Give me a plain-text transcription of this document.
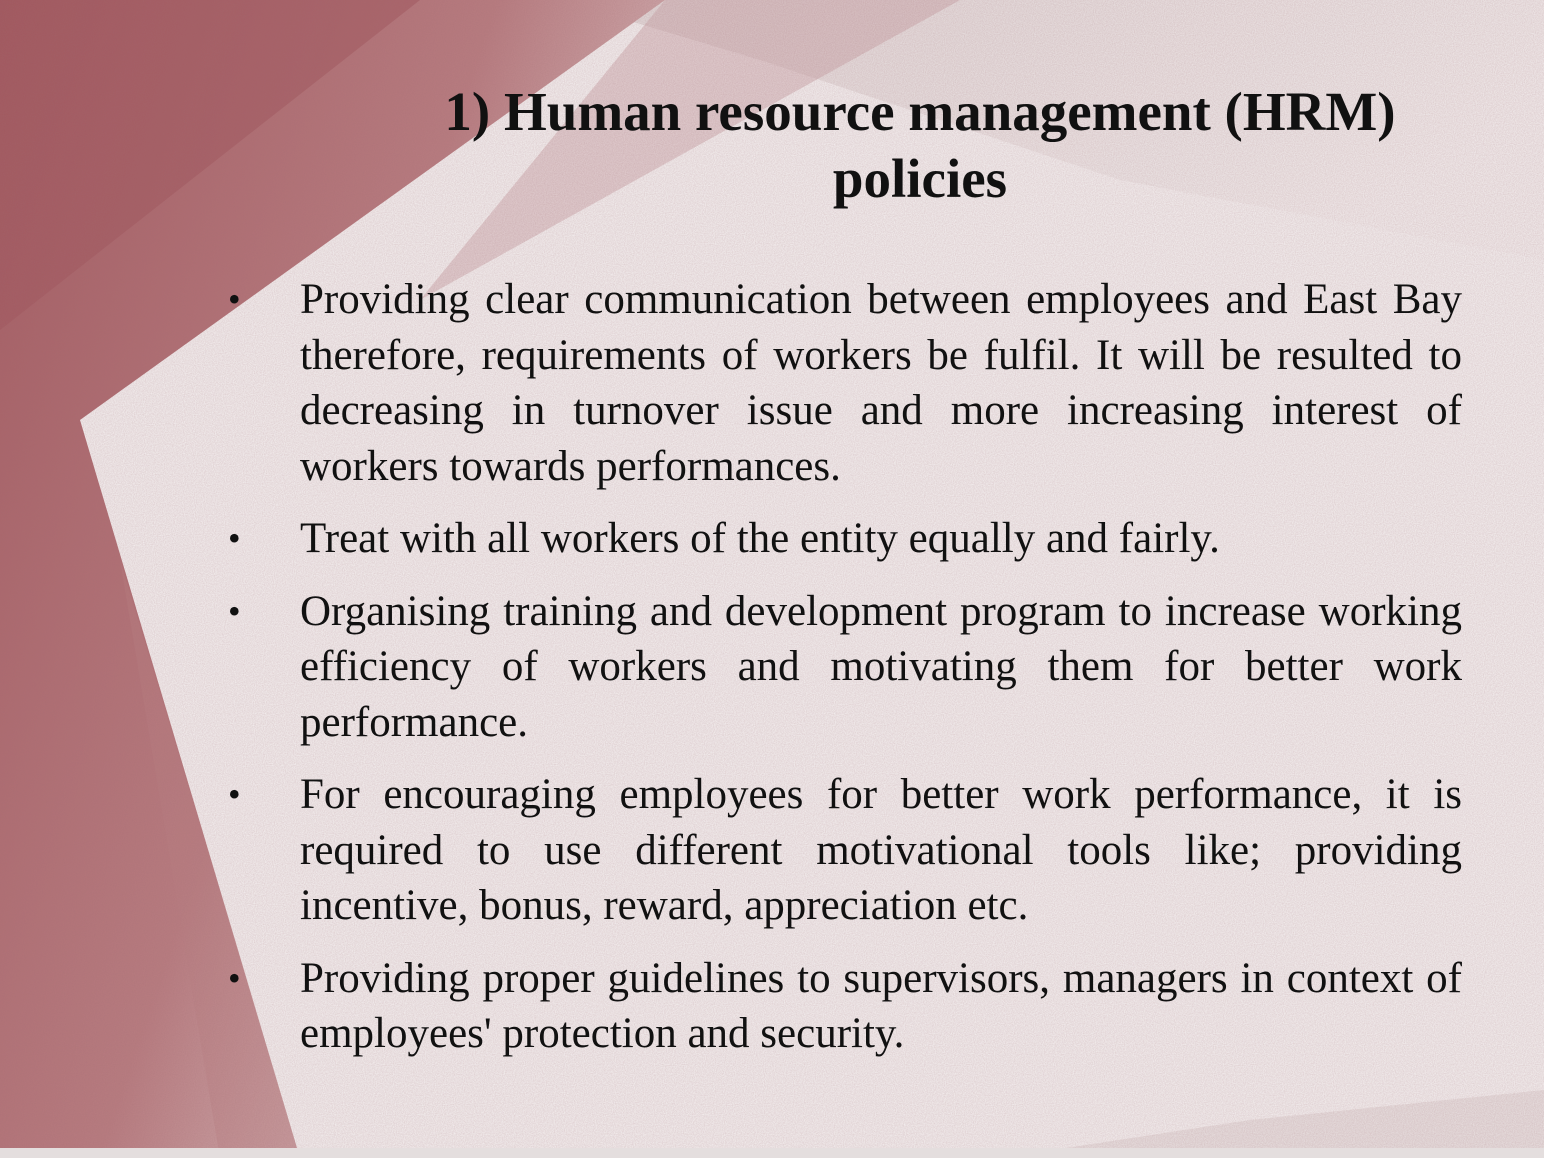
1) Human resource management (HRM) policies
• Providing clear communication between employees and East Bay therefore, requirements of workers be fulfil. It will be resulted to decreasing in turnover issue and more increasing interest of workers towards performances.
• Treat with all workers of the entity equally and fairly.
• Organising training and development program to increase working efficiency of workers and motivating them for better work performance.
• For encouraging employees for better work performance, it is required to use different motivational tools like; providing incentive, bonus, reward, appreciation etc.
• Providing proper guidelines to supervisors, managers in context of employees' protection and security.
